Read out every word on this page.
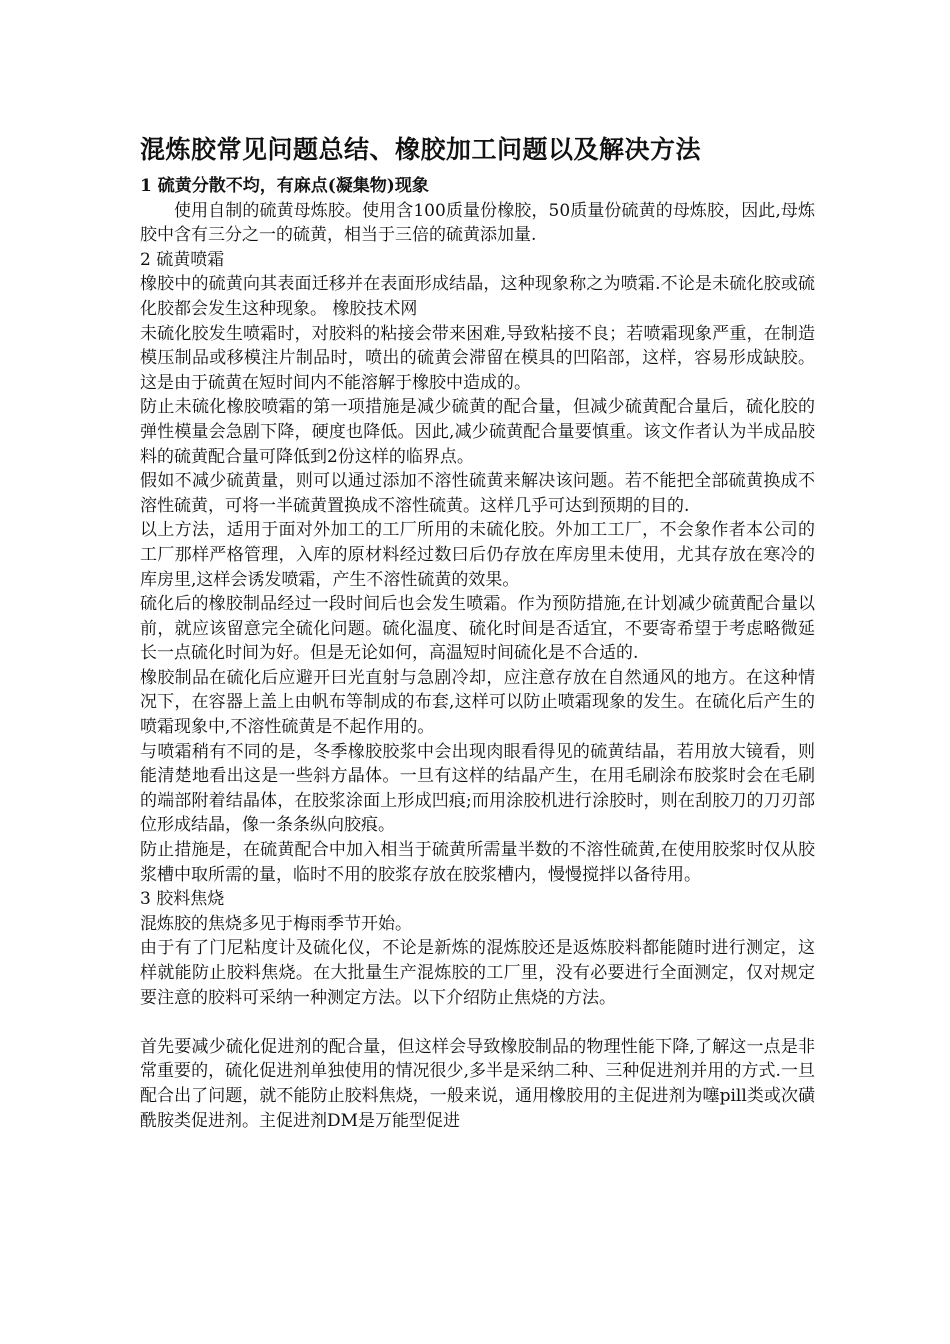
混炼胶常见问题总结、橡胶加工问题以及解决方法

1 硫黄分散不均，有麻点(凝集物)现象

使用自制的硫黄母炼胶。使用含100质量份橡胶，50质量份硫黄的母炼胶，因此,母炼胶中含有三分之一的硫黄，相当于三倍的硫黄添加量.

2 硫黄喷霜

橡胶中的硫黄向其表面迁移并在表面形成结晶，这种现象称之为喷霜.不论是未硫化胶或硫化胶都会发生这种现象。 橡胶技术网

未硫化胶发生喷霜时，对胶料的粘接会带来困难,导致粘接不良；若喷霜现象严重，在制造模压制品或移模注片制品时，喷出的硫黄会滞留在模具的凹陷部，这样，容易形成缺胶。这是由于硫黄在短时间内不能溶解于橡胶中造成的。

防止未硫化橡胶喷霜的第一项措施是减少硫黄的配合量，但减少硫黄配合量后，硫化胶的弹性模量会急剧下降，硬度也降低。因此,减少硫黄配合量要慎重。该文作者认为半成品胶料的硫黄配合量可降低到2份这样的临界点。

假如不减少硫黄量，则可以通过添加不溶性硫黄来解决该问题。若不能把全部硫黄换成不溶性硫黄，可将一半硫黄置换成不溶性硫黄。这样几乎可达到预期的目的.

以上方法，适用于面对外加工的工厂所用的未硫化胶。外加工工厂，不会象作者本公司的工厂那样严格管理，入库的原材料经过数曰后仍存放在库房里未使用，尤其存放在寒冷的库房里,这样会诱发喷霜，产生不溶性硫黄的效果。

硫化后的橡胶制品经过一段时间后也会发生喷霜。作为预防措施,在计划减少硫黄配合量以前，就应该留意完全硫化问题。硫化温度、硫化时间是否适宜，不要寄希望于考虑略微延长一点硫化时间为好。但是无论如何，高温短时间硫化是不合适的.

橡胶制品在硫化后应避开曰光直射与急剧冷却，应注意存放在自然通风的地方。在这种情况下，在容器上盖上由帆布等制成的布套,这样可以防止喷霜现象的发生。在硫化后产生的喷霜现象中,不溶性硫黄是不起作用的。

与喷霜稍有不同的是，冬季橡胶胶浆中会出现肉眼看得见的硫黄结晶，若用放大镜看，则能清楚地看出这是一些斜方晶体。一旦有这样的结晶产生，在用毛刷涂布胶浆时会在毛刷的端部附着结晶体，在胶浆涂面上形成凹痕;而用涂胶机进行涂胶时，则在刮胶刀的刀刃部位形成结晶，像一条条纵向胶痕。

防止措施是，在硫黄配合中加入相当于硫黄所需量半数的不溶性硫黄,在使用胶浆时仅从胶浆槽中取所需的量，临时不用的胶浆存放在胶浆槽内，慢慢搅拌以备待用。

3 胶料焦烧

混炼胶的焦烧多见于梅雨季节开始。

由于有了门尼粘度计及硫化仪，不论是新炼的混炼胶还是返炼胶料都能随时进行测定，这样就能防止胶料焦烧。在大批量生产混炼胶的工厂里，没有必要进行全面测定，仅对规定要注意的胶料可采纳一种测定方法。以下介绍防止焦烧的方法。

首先要减少硫化促进剂的配合量，但这样会导致橡胶制品的物理性能下降,了解这一点是非常重要的，硫化促进剂单独使用的情况很少,多半是采纳二种、三种促进剂并用的方式.一旦配合出了问题，就不能防止胶料焦烧，一般来说，通用橡胶用的主促进剂为噻pill类或次磺酰胺类促进剂。主促进剂DM是万能型促进
